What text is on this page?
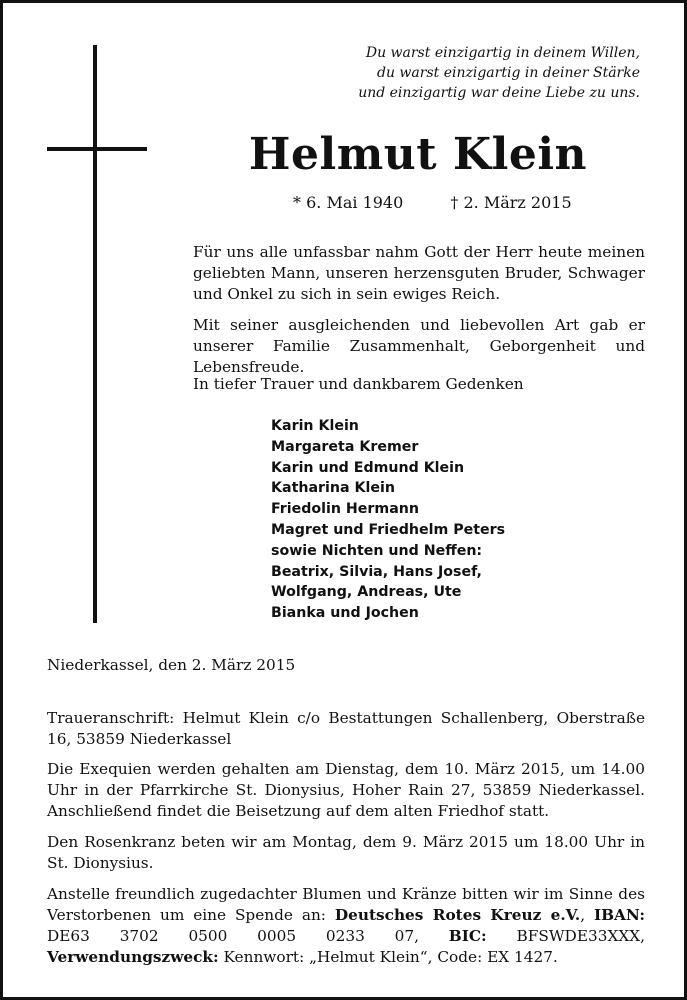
Du warst einzigartig in deinem Willen,
du warst einzigartig in deiner Stärke
und einzigartig war deine Liebe zu uns.
Helmut Klein
* 6. Mai 1940	† 2. März 2015
Für uns alle unfassbar nahm Gott der Herr heute meinen geliebten Mann, unseren herzensguten Bruder, Schwager und Onkel zu sich in sein ewiges Reich.
Mit seiner ausgleichenden und liebevollen Art gab er unserer Familie Zusammenhalt, Geborgenheit und Lebensfreude.
In tiefer Trauer und dankbarem Gedenken
Karin Klein
Margareta Kremer
Karin und Edmund Klein
Katharina Klein
Friedolin Hermann
Magret und Friedhelm Peters
sowie Nichten und Neffen:
Beatrix, Silvia, Hans Josef,
Wolfgang, Andreas, Ute
Bianka und Jochen
Niederkassel, den 2. März 2015
Traueranschrift: Helmut Klein c/o Bestattungen Schallenberg, Oberstraße 16, 53859 Niederkassel
Die Exequien werden gehalten am Dienstag, dem 10. März 2015, um 14.00 Uhr in der Pfarrkirche St. Dionysius, Hoher Rain 27, 53859 Niederkassel. Anschließend findet die Beisetzung auf dem alten Friedhof statt.
Den Rosenkranz beten wir am Montag, dem 9. März 2015 um 18.00 Uhr in St. Dionysius.
Anstelle freundlich zugedachter Blumen und Kränze bitten wir im Sinne des Verstorbenen um eine Spende an: Deutsches Rotes Kreuz e.V., IBAN: DE63 3702 0500 0005 0233 07, BIC: BFSWDE33XXX, Verwendungszweck: Kennwort: „Helmut Klein“, Code: EX 1427.
